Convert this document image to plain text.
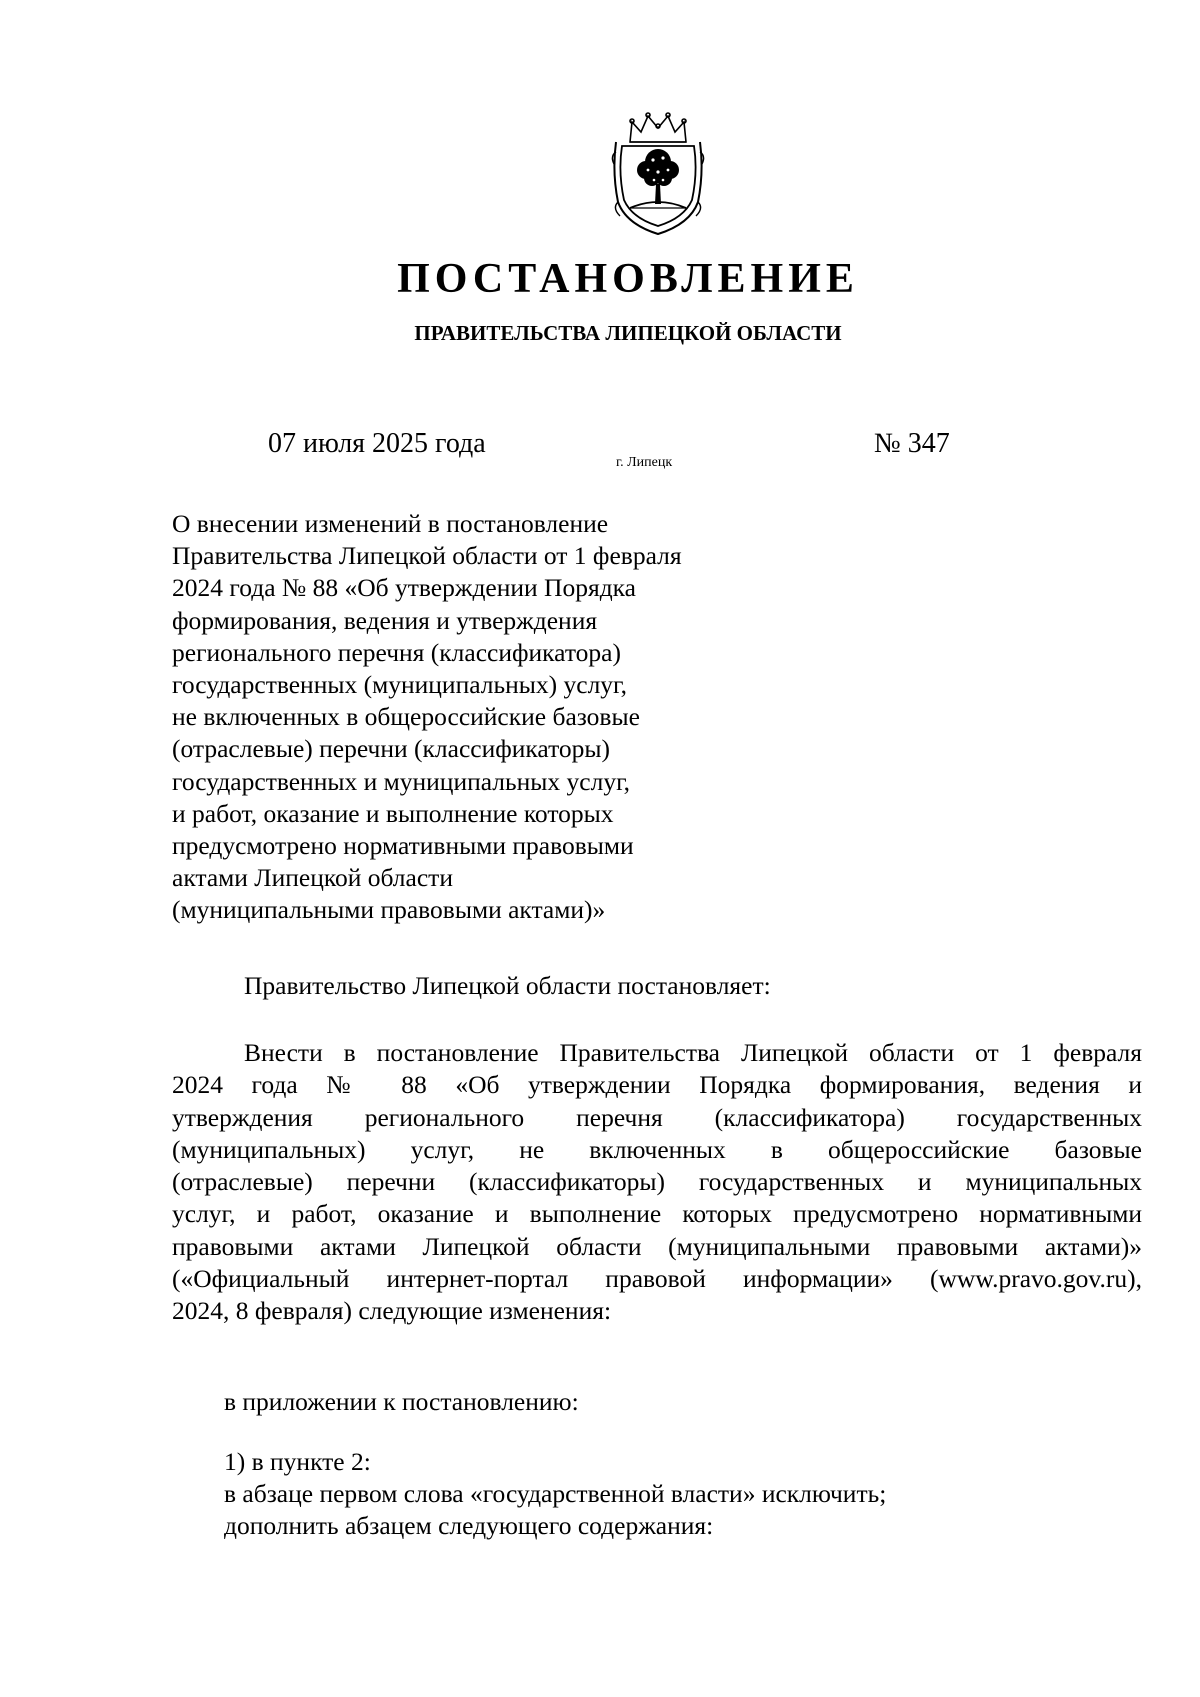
ПОСТАНОВЛЕНИЕ
ПРАВИТЕЛЬСТВА ЛИПЕЦКОЙ ОБЛАСТИ
07 июля 2025 года
г. Липецк
№ 347
О внесении изменений в постановление
Правительства Липецкой области от 1 февраля
2024 года № 88 «Об утверждении Порядка
формирования, ведения и утверждения
регионального перечня (классификатора)
государственных (муниципальных) услуг,
не включенных в общероссийские базовые
(отраслевые) перечни (классификаторы)
государственных и муниципальных услуг,
и работ, оказание и выполнение которых
предусмотрено нормативными правовыми
актами Липецкой области
(муниципальными правовыми актами)»
Правительство Липецкой области постановляет:
Внести в постановление Правительства Липецкой области от 1 февраля
2024 года № 88 «Об утверждении Порядка формирования, ведения и
утверждения регионального перечня (классификатора) государственных
(муниципальных) услуг, не включенных в общероссийские базовые
(отраслевые) перечни (классификаторы) государственных и муниципальных
услуг, и работ, оказание и выполнение которых предусмотрено нормативными
правовыми актами Липецкой области (муниципальными правовыми актами)»
(«Официальный интернет-портал правовой информации» (www.pravo.gov.ru),
2024, 8 февраля) следующие изменения:
в приложении к постановлению:
1) в пункте 2:
в абзаце первом слова «государственной власти» исключить;
дополнить абзацем следующего содержания:
